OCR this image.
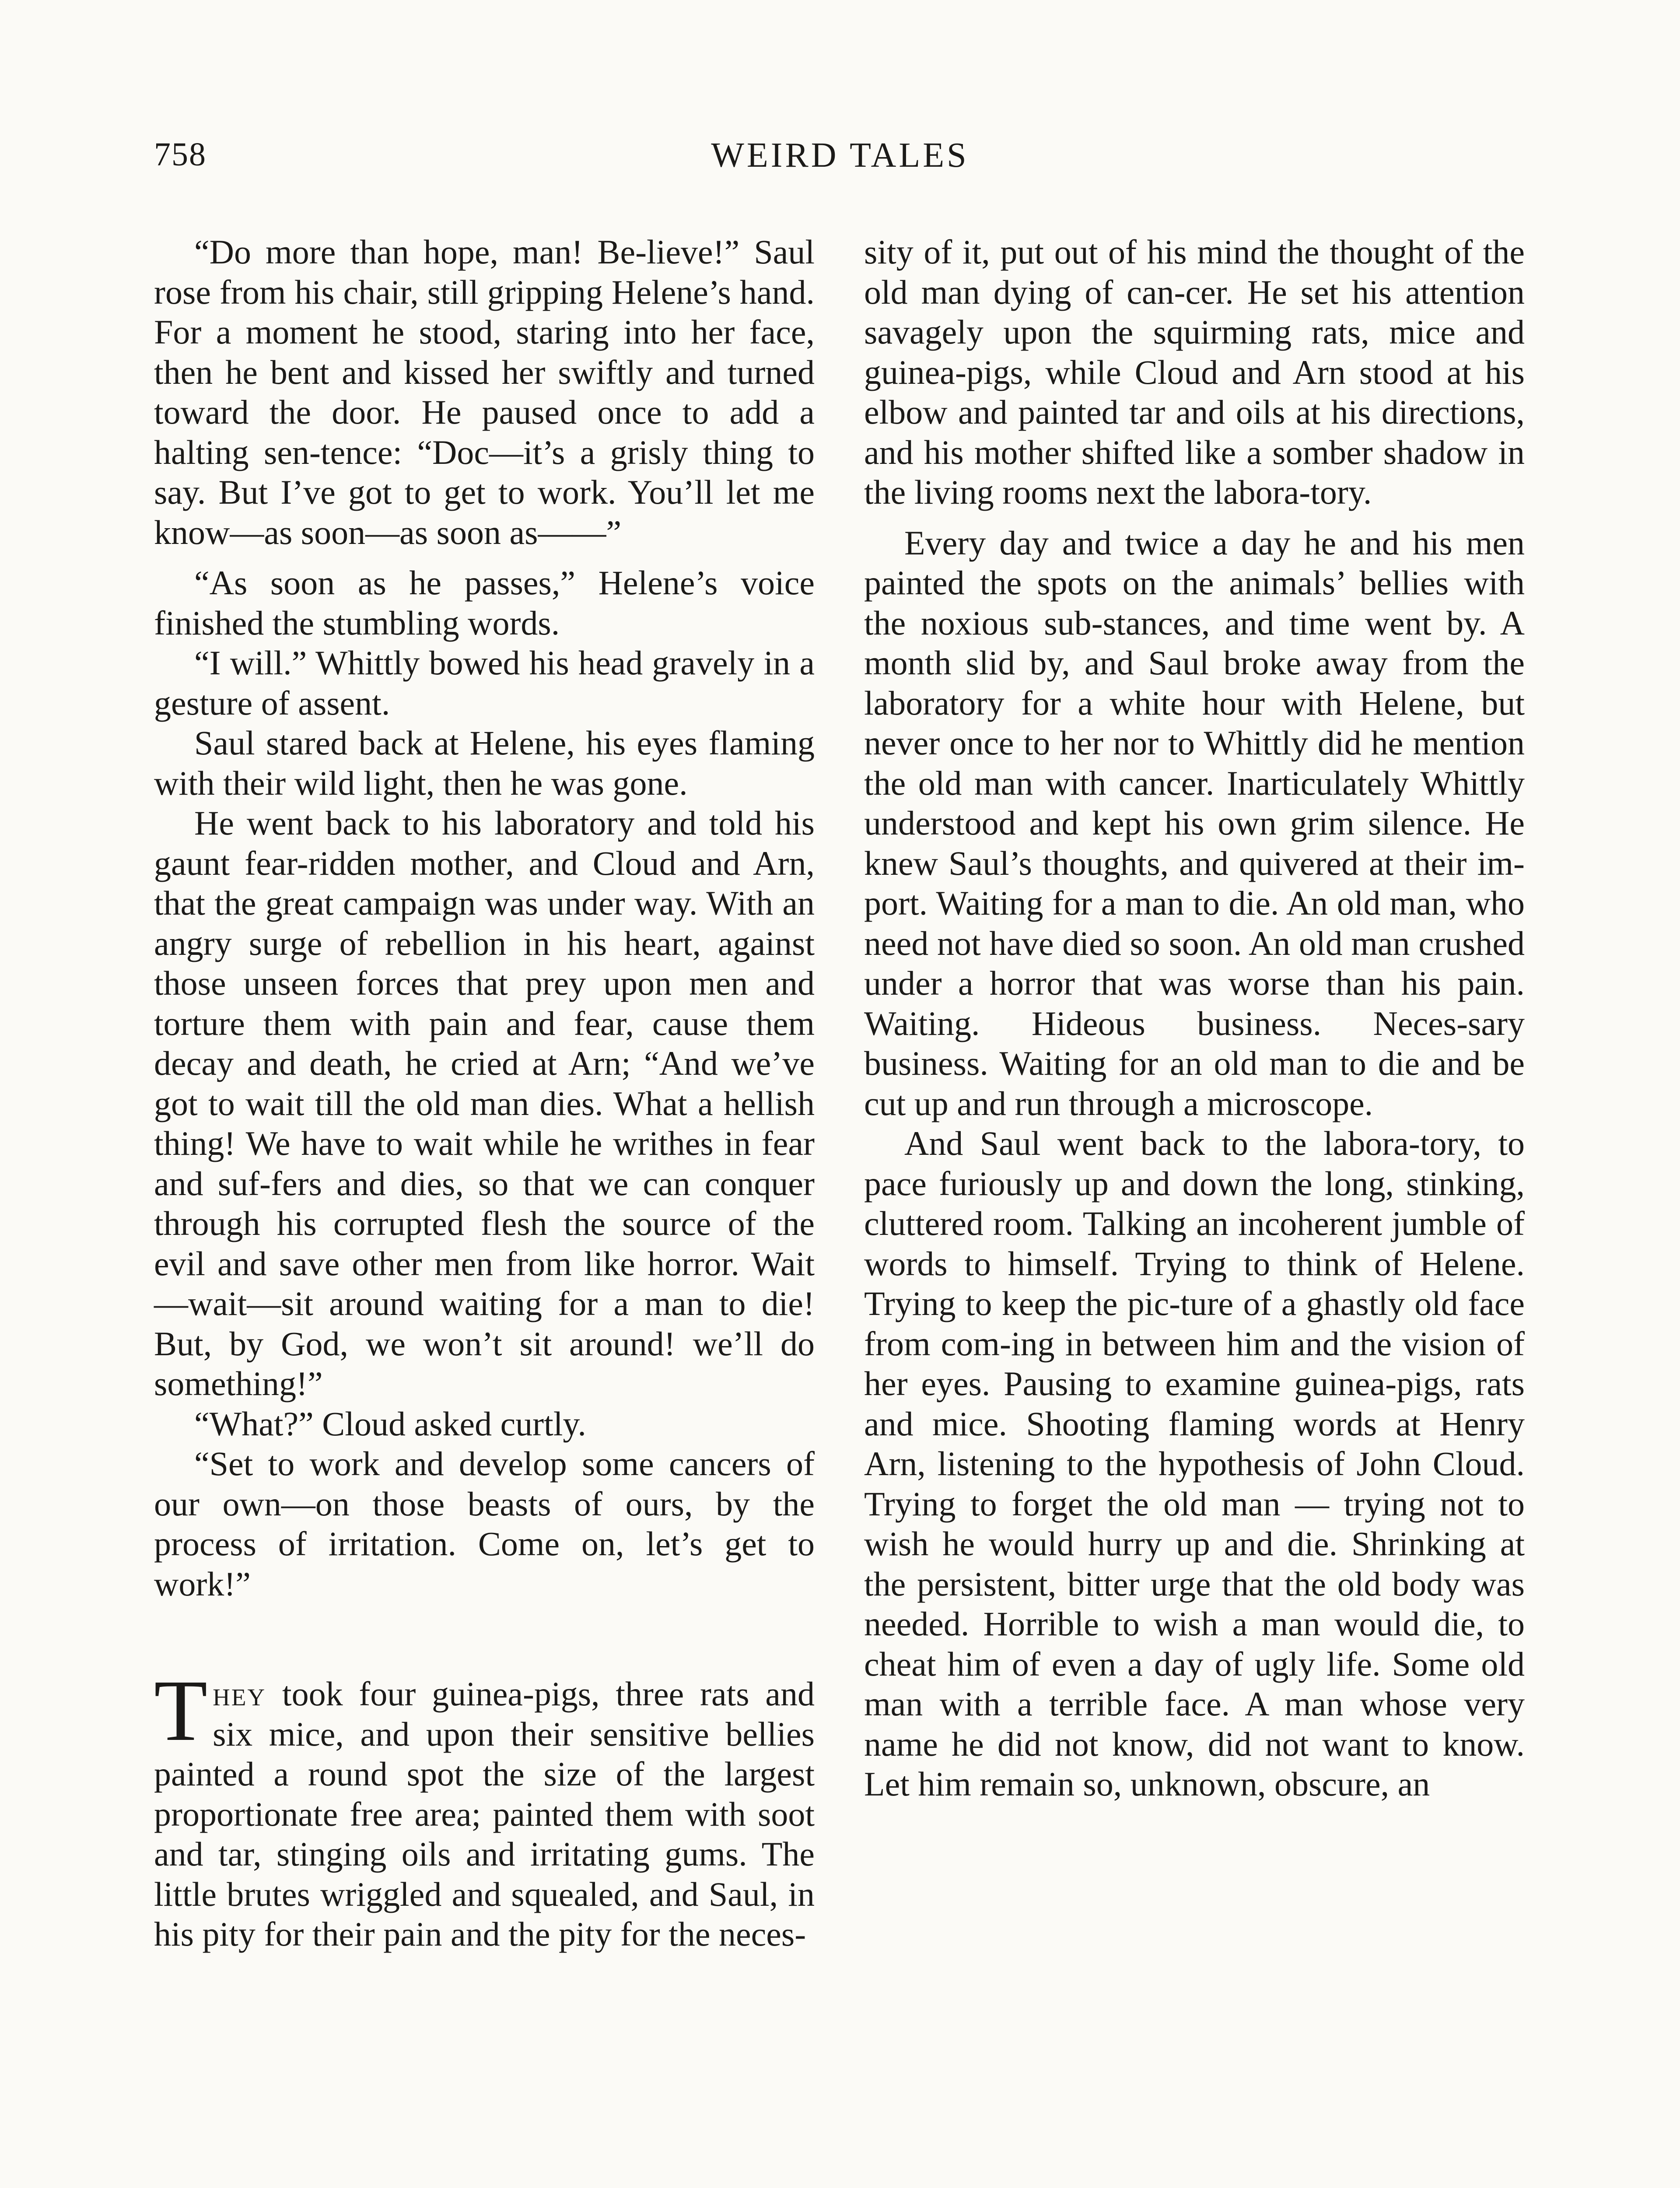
758	WEIRD TALES

“Do more than hope, man! Be-lieve!” Saul rose from his chair, still gripping Helene’s hand. For a moment he stood, staring into her face, then he bent and kissed her swiftly and turned toward the door. He paused once to add a halting sen-tence: “Doc—it’s a grisly thing to say. But I’ve got to get to work. You’ll let me know—as soon—as soon as——”

“As soon as he passes,” Helene’s voice finished the stumbling words.

“I will.” Whittly bowed his head gravely in a gesture of assent.

Saul stared back at Helene, his eyes flaming with their wild light, then he was gone.

He went back to his laboratory and told his gaunt fear-ridden mother, and Cloud and Arn, that the great campaign was under way. With an angry surge of rebellion in his heart, against those unseen forces that prey upon men and torture them with pain and fear, cause them decay and death, he cried at Arn; “And we’ve got to wait till the old man dies. What a hellish thing! We have to wait while he writhes in fear and suf-fers and dies, so that we can conquer through his corrupted flesh the source of the evil and save other men from like horror. Wait—wait—sit around waiting for a man to die! But, by God, we won’t sit around! we’ll do something!”

“What?” Cloud asked curtly.

“Set to work and develop some cancers of our own—on those beasts of ours, by the process of irritation. Come on, let’s get to work!”

They took four guinea-pigs, three rats and six mice, and upon their sensitive bellies painted a round spot the size of the largest proportionate free area; painted them with soot and tar, stinging oils and irritating gums. The little brutes wriggled and squealed, and Saul, in his pity for their pain and the pity for the neces-

sity of it, put out of his mind the thought of the old man dying of can-cer. He set his attention savagely upon the squirming rats, mice and guinea-pigs, while Cloud and Arn stood at his elbow and painted tar and oils at his directions, and his mother shifted like a somber shadow in the living rooms next the labora-tory.

Every day and twice a day he and his men painted the spots on the animals’ bellies with the noxious sub-stances, and time went by. A month slid by, and Saul broke away from the laboratory for a white hour with Helene, but never once to her nor to Whittly did he mention the old man with cancer. Inarticulately Whittly understood and kept his own grim silence. He knew Saul’s thoughts, and quivered at their im-port. Waiting for a man to die. An old man, who need not have died so soon. An old man crushed under a horror that was worse than his pain. Waiting. Hideous business. Neces-sary business. Waiting for an old man to die and be cut up and run through a microscope.

And Saul went back to the labora-tory, to pace furiously up and down the long, stinking, cluttered room. Talking an incoherent jumble of words to himself. Trying to think of Helene. Trying to keep the pic-ture of a ghastly old face from com-ing in between him and the vision of her eyes. Pausing to examine guinea-pigs, rats and mice. Shooting flaming words at Henry Arn, listening to the hypothesis of John Cloud. Trying to forget the old man — trying not to wish he would hurry up and die. Shrinking at the persistent, bitter urge that the old body was needed. Horrible to wish a man would die, to cheat him of even a day of ugly life. Some old man with a terrible face. A man whose very name he did not know, did not want to know. Let him remain so, unknown, obscure, an
